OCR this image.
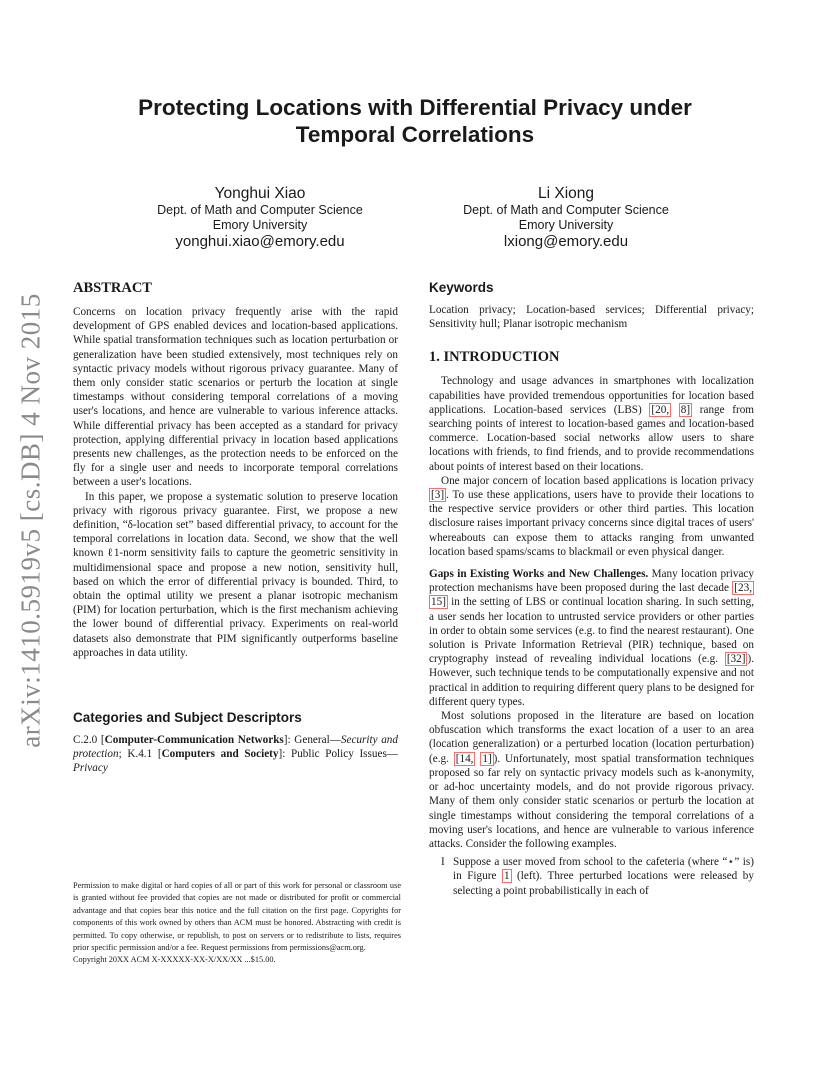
arXiv:1410.5919v5 [cs.DB] 4 Nov 2015
Protecting Locations with Differential Privacy under
Temporal Correlations
Yonghui Xiao
Dept. of Math and Computer Science
Emory University
yonghui.xiao@emory.edu
Li Xiong
Dept. of Math and Computer Science
Emory University
lxiong@emory.edu
ABSTRACT

Concerns on location privacy frequently arise with the rapid development of GPS enabled devices and location-based applications. While spatial transformation techniques such as location perturbation or generalization have been studied extensively, most techniques rely on syntactic privacy models without rigorous privacy guarantee. Many of them only consider static scenarios or perturb the location at single timestamps without considering temporal correlations of a moving user's locations, and hence are vulnerable to various inference attacks. While differential privacy has been accepted as a standard for privacy protection, applying differential privacy in location based applications presents new challenges, as the protection needs to be enforced on the fly for a single user and needs to incorporate temporal correlations between a user's locations.

In this paper, we propose a systematic solution to preserve location privacy with rigorous privacy guarantee. First, we propose a new definition, “δ-location set” based differential privacy, to account for the temporal correlations in location data. Second, we show that the well known ℓ1-norm sensitivity fails to capture the geometric sensitivity in multidimensional space and propose a new notion, sensitivity hull, based on which the error of differential privacy is bounded. Third, to obtain the optimal utility we present a planar isotropic mechanism (PIM) for location perturbation, which is the first mechanism achieving the lower bound of differential privacy. Experiments on real-world datasets also demonstrate that PIM significantly outperforms baseline approaches in data utility.

Categories and Subject Descriptors

C.2.0 [Computer-Communication Networks]: General—Security and protection; K.4.1 [Computers and Society]: Public Policy Issues—Privacy

Permission to make digital or hard copies of all or part of this work for personal or classroom use is granted without fee provided that copies are not made or distributed for profit or commercial advantage and that copies bear this notice and the full citation on the first page. Copyrights for components of this work owned by others than ACM must be honored. Abstracting with credit is permitted. To copy otherwise, or republish, to post on servers or to redistribute to lists, requires prior specific permission and/or a fee. Request permissions from permissions@acm.org.

Copyright 20XX ACM X-XXXXX-XX-X/XX/XX ...$15.00.

Keywords

Location privacy; Location-based services; Differential privacy; Sensitivity hull; Planar isotropic mechanism

1. INTRODUCTION

Technology and usage advances in smartphones with localization capabilities have provided tremendous opportunities for location based applications. Location-based services (LBS) [20, 8] range from searching points of interest to location-based games and location-based commerce. Location-based social networks allow users to share locations with friends, to find friends, and to provide recommendations about points of interest based on their locations.

One major concern of location based applications is location privacy [3] . To use these applications, users have to provide their locations to the respective service providers or other third parties. This location disclosure raises important privacy concerns since digital traces of users' whereabouts can expose them to attacks ranging from unwanted location based spams/scams to blackmail or even physical danger.

Gaps in Existing Works and New Challenges. Many location privacy protection mechanisms have been proposed during the last decade [23, 15] in the setting of LBS or continual location sharing. In such setting, a user sends her location to untrusted service providers or other parties in order to obtain some services (e.g. to find the nearest restaurant). One solution is Private Information Retrieval (PIR) technique, based on cryptography instead of revealing individual locations (e.g. [32] ). However, such technique tends to be computationally expensive and not practical in addition to requiring different query plans to be designed for different query types.

Most solutions proposed in the literature are based on location obfuscation which transforms the exact location of a user to an area (location generalization) or a perturbed location (location perturbation) (e.g. [14, 1] ). Unfortunately, most spatial transformation techniques proposed so far rely on syntactic privacy models such as k-anonymity, or ad-hoc uncertainty models, and do not provide rigorous privacy. Many of them only consider static scenarios or perturb the location at single timestamps without considering the temporal correlations of a moving user's locations, and hence are vulnerable to various inference attacks. Consider the following examples.

I Suppose a user moved from school to the cafeteria (where “⋆” is) in Figure 1 (left). Three perturbed locations were released by selecting a point probabilistically in each of
